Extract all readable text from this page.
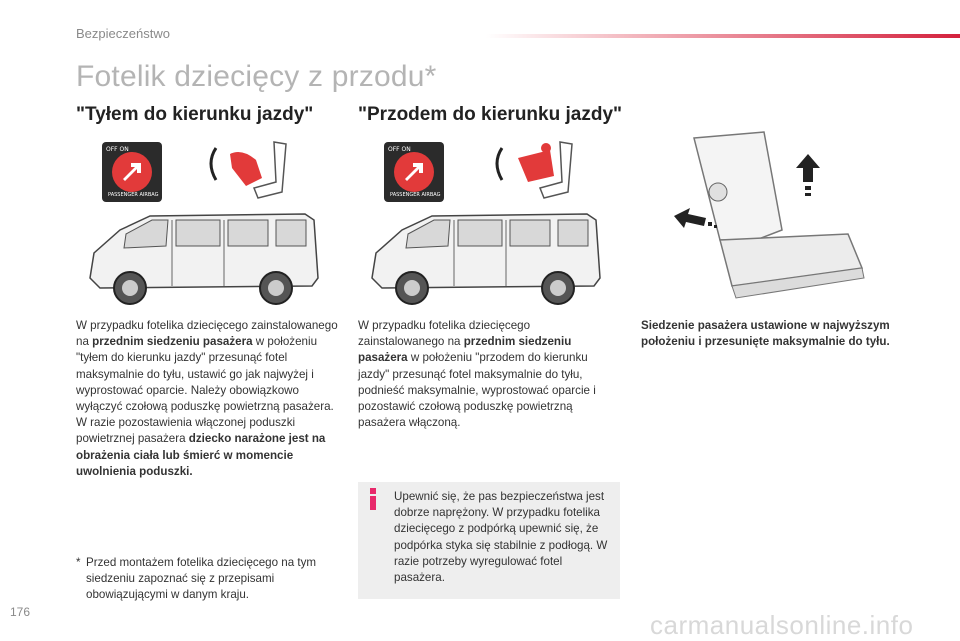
Bezpieczeństwo
Fotelik dziecięcy z przodu*
"Tyłem do kierunku jazdy" "Przodem do kierunku jazdy"
OFF ON
PASSENGER AIRBAG
OFF ON
PASSENGER AIRBAG
W przypadku fotelika dziecięcego zainstalowanego na przednim siedzeniu pasażera w położeniu "tyłem do kierunku jazdy" przesunąć fotel maksymalnie do tyłu, ustawić go jak najwyżej i wyprostować oparcie. Należy obowiązkowo wyłączyć czołową poduszkę powietrzną pasażera. W razie pozostawienia włączonej poduszki powietrznej pasażera dziecko narażone jest na obrażenia ciała lub śmierć w momencie uwolnienia poduszki.
W przypadku fotelika dziecięcego zainstalowanego na przednim siedzeniu pasażera w położeniu "przodem do kierunku jazdy" przesunąć fotel maksymalnie do tyłu, podnieść maksymalnie, wyprostować oparcie i pozostawić czołową poduszkę powietrzną pasażera włączoną.
Siedzenie pasażera ustawione w najwyższym położeniu i przesunięte maksymalnie do tyłu.
Upewnić się, że pas bezpieczeństwa jest dobrze naprężony. W przypadku fotelika dziecięcego z podpórką upewnić się, że podpórka styka się stabilnie z podłogą. W razie potrzeby wyregulować fotel pasażera.
* Przed montażem fotelika dziecięcego na tym siedzeniu zapoznać się z przepisami obowiązującymi w danym kraju.
176	carmanualsonline.info
